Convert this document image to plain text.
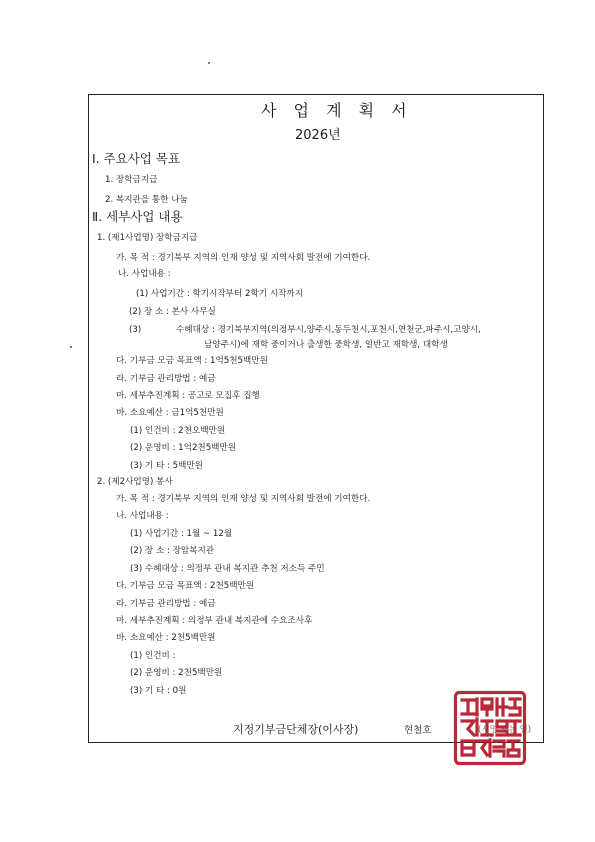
사 업 계 획 서
2026년
Ⅰ. 주요사업 목표
1. 장학금지급
2. 복지관을 통한 나눔
Ⅱ. 세부사업 내용
1. (제1사업명) 장학금지급
가. 목 적 : 경기북부 지역의 인재 양성 및 지역사회 발전에 기여한다.
나. 사업내용 :
(1) 사업기간 : 학기시작부터 2학기 시작까지
(2) 장 소 : 본사 사무실
(3)	수혜대상 : 경기북부지역(의정부시,양주시,동두천시,포천시,연천군,파주시,고양시,
남양주시)에 재학 중이거나 출생한 중학생, 일반고 재학생, 대학생
다. 기부금 모금 목표액 : 1억5천5백만원
라. 기부금 관리방법 : 예금
마. 세부추진계획 : 공고로 모집후 집행
바. 소요예산 : 금1억5천만원
(1) 인건비 : 2천오백만원
(2) 운영비 : 1억2천5백만원
(3) 기 타 : 5백만원
2. (제2사업명) 봉사
가. 목 적 : 경기북부 지역의 인재 양성 및 지역사회 발전에 기여한다.
나. 사업내용 :
(1) 사업기간 : 1월 ~ 12월
(2) 장 소 : 장암복지관
(3) 수혜대상 : 의정부 관내 복지관 추천 저소득 주민
다. 기부금 모금 목표액 : 2천5백만원
라. 기부금 관리방법 : 예금
마. 세부추진계획 : 의정부 관내 복지관에 수요조사후
바. 소요예산 : 2천5백만원
(1) 인건비 :
(2) 운영비 : 2천5백만원
(3) 기 타 : 0원
지정기부금단체장(이사장)	현철호	(서명 또는 인)
